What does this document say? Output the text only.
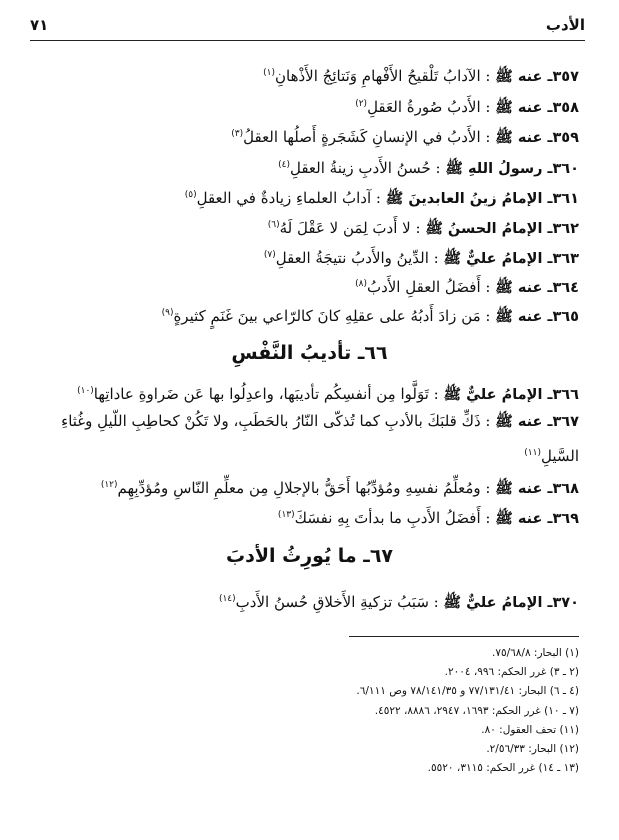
الأدب
٧١
٣٥٧ـ عنه ﷺ : الآدابُ تَلْقيحُ الأَفْهامِ وَنَتائِجُ الأَذْهانِ$^{(١)}$
٣٥٨ـ عنه ﷺ : الأَدبُ صُورةُ العَقلِ$^{(٢)}$
٣٥٩ـ عنه ﷺ : الأَدبُ في الإنسانِ كَشَجَرةٍ أَصلُها العقلُ$^{(٣)}$
٣٦٠ـ رسولُ اللهِ ﷺ : حُسنُ الأَدبِ زينةُ العقلِ$^{(٤)}$
٣٦١ـ الإمامُ زينُ العابدينَ ﷺ : آدابُ العلماءِ زيادةٌ في العقلِ$^{(٥)}$
٣٦٢ـ الإمامُ الحسنُ ﷺ : لا أَدبَ لِمَن لا عَقْلَ لَهُ$^{(٦)}$
٣٦٣ـ الإمامُ عليٌّ ﷺ : الدِّينُ والأَدبُ نتيجَةُ العقلِ$^{(٧)}$
٣٦٤ـ عنه ﷺ : أَفضَلُ العقلِ الأَدبُ$^{(٨)}$
٣٦٥ـ عنه ﷺ : مَن زادَ أَدبُهُ على عقلِهِ كانَ كالرّاعي بينَ غَنَمٍ كثيرةٍ$^{(٩)}$
٦٦ـ تأديبُ النَّفْسِ
٣٦٦ـ الإمامُ عليٌّ ﷺ : تَوَلَّوا مِن أنفسِكُم تأديبَها، واعدِلُوا بها عَن ضَراوةِ عاداتِها$^{(١٠)}$
٣٦٧ـ عنه ﷺ : ذَكِّ قلبَكَ بالأدبِ كما تُذكّى النّارُ بالحَطَبِ، ولا تَكُنْ كحاطِبِ اللّيلِ وغُثاءِ السَّيلِ$^{(١١)}$
٣٦٨ـ عنه ﷺ : ومُعلِّمُ نفسِهِ ومُؤدِّبُها أَحَقُّ بالإجلالِ مِن معلِّمِ النّاسِ ومُؤدِّبِهِم$^{(١٢)}$
٣٦٩ـ عنه ﷺ : أَفضَلُ الأَدبِ ما بدأتَ بِهِ نفسَكَ$^{(١٣)}$
٦٧ـ ما يُورِثُ الأدبَ
٣٧٠ـ الإمامُ عليٌّ ﷺ : سَبَبُ تزكيةِ الأَخلاقِ حُسنُ الأَدبِ$^{(١٤)}$
(١) البحار: ٧٥/٦٨/٨.
(٢ ـ ٣) غرر الحكم: ٩٩٦، ٢٠٠٤.
(٤ ـ ٦) البحار: ٧٧/١٣١/٤١ و ٧٨/١٤١/٣٥ وص ٦/١١١.
(٧ ـ ١٠) غرر الحكم: ١٦٩٣، ٢٩٤٧، ٨٨٨٦، ٤٥٢٢.
(١١) تحف العقول: ٨٠.
(١٢) البحار: ٢/٥٦/٣٣.
(١٣ ـ ١٤) غرر الحكم: ٣١١٥، ٥٥٢٠.
